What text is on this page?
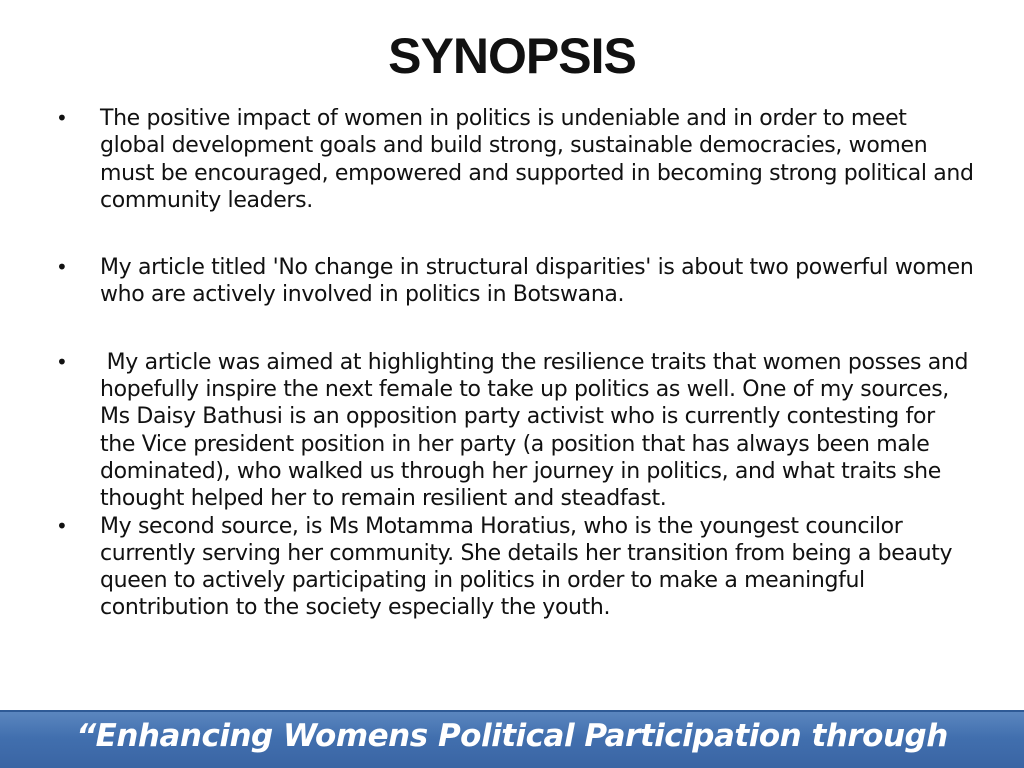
SYNOPSIS
• The positive impact of women in politics is undeniable and in order to meet global development goals and build strong, sustainable democracies, women must be encouraged, empowered and supported in becoming strong political and community leaders.
• My article titled 'No change in structural disparities' is about two powerful women who are actively involved in politics in Botswana.
• My article was aimed at highlighting the resilience traits that women posses and hopefully inspire the next female to take up politics as well. One of my sources, Ms Daisy Bathusi is an opposition party activist who is currently contesting for the Vice president position in her party (a position that has always been male dominated), who walked us through her journey in politics, and what traits she thought helped her to remain resilient and steadfast.
• My second source, is Ms Motamma Horatius, who is the youngest councilor currently serving her community. She details her transition from being a beauty queen to actively participating in politics in order to make a meaningful contribution to the society especially the youth.
“Enhancing Womens Political Participation through
